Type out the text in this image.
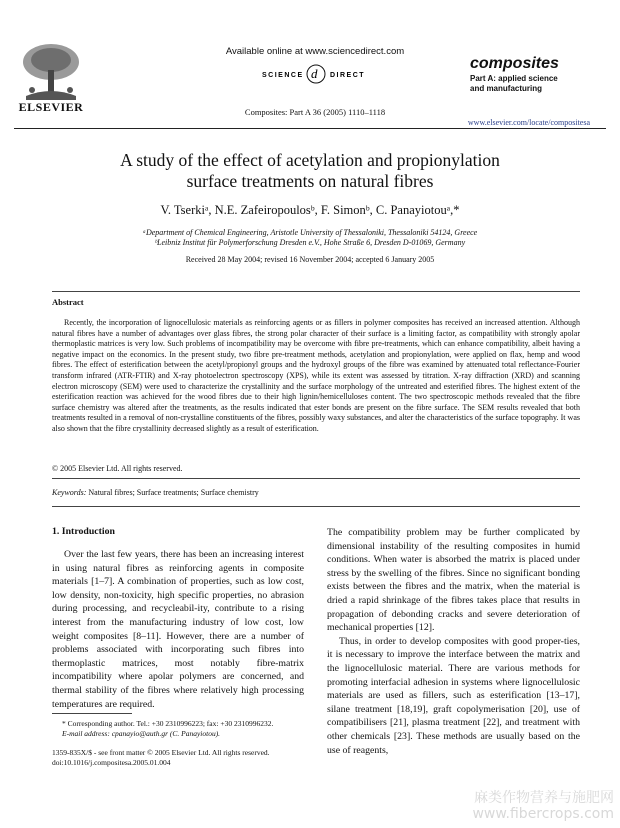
ELSEVIER
Available online at www.sciencedirect.com
SCIENCE d DIRECT
Composites: Part A 36 (2005) 1110–1118
composites
Part A: applied science
and manufacturing
www.elsevier.com/locate/compositesa
A study of the effect of acetylation and propionylation
surface treatments on natural fibres
V. Tserkiᵃ, N.E. Zafeiropoulosᵇ, F. Simonᵇ, C. Panayiotouᵃ,*
ᵃDepartment of Chemical Engineering, Aristotle University of Thessaloniki, Thessaloniki 54124, Greece
ᵇLeibniz Institut für Polymerforschung Dresden e.V., Hohe Straße 6, Dresden D-01069, Germany
Received 28 May 2004; revised 16 November 2004; accepted 6 January 2005
Abstract

Recently, the incorporation of lignocellulosic materials as reinforcing agents or as fillers in polymer composites has received an increased attention. Although natural fibres have a number of advantages over glass fibres, the strong polar character of their surface is a limiting factor, as compatibility with strongly apolar thermoplastic matrices is very low. Such problems of incompatibility may be overcome with fibre pre-treatments, which can enhance compatibility, albeit having a negative impact on the economics. In the present study, two fibre pre-treatment methods, acetylation and propionylation, were applied on flax, hemp and wood fibres. The effect of esterification between the acetyl/propionyl groups and the hydroxyl groups of the fibre was examined by attenuated total reflectance-Fourier transform infrared (ATR-FTIR) and X-ray photoelectron spectroscopy (XPS), while its extent was assessed by titration. X-ray diffraction (XRD) and scanning electron microscopy (SEM) were used to characterize the crystallinity and the surface morphology of the untreated and esterified fibres. The highest extent of the esterification reaction was achieved for the wood fibres due to their high lignin/hemicelluloses content. The two spectroscopic methods revealed that the fibre surface chemistry was altered after the treatments, as the results indicated that ester bonds are present on the fibre surface. The SEM results revealed that both treatments resulted in a removal of non-crystalline constituents of the fibres, possibly waxy substances, and alter the characteristics of the surface topography. It was also shown that the fibre crystallinity decreased slightly as a result of esterification.

© 2005 Elsevier Ltd. All rights reserved.
Keywords: Natural fibres; Surface treatments; Surface chemistry
1. Introduction

Over the last few years, there has been an increasing interest in using natural fibres as reinforcing agents in composite materials [1–7]. A combination of properties, such as low cost, low density, non-toxicity, high specific properties, no abrasion during processing, and recycleabil-ity, contribute to a rising interest from the manufacturing industry of low cost, low weight composites [8–11]. However, there are a number of problems associated with incorporating such fibres into thermoplastic matrices, most notably fibre-matrix incompatibility where apolar polymers are concerned, and thermal stability of the fibres where relatively high processing temperatures are required.

The compatibility problem may be further complicated by dimensional instability of the resulting composites in humid conditions. When water is absorbed the matrix is placed under stress by the swelling of the fibres. Since no significant bonding exists between the fibres and the matrix, when the material is dried a rapid shrinkage of the fibres takes place that results in propagation of debonding cracks and severe deterioration of mechanical properties [12].

Thus, in order to develop composites with good proper-ties, it is necessary to improve the interface between the matrix and the lignocellulosic material. There are various methods for promoting interfacial adhesion in systems where lignocellulosic materials are used as fillers, such as esterification [13–17], silane treatment [18,19], graft copolymerisation [20], use of compatibilisers [21], plasma treatment [22], and treatment with other chemicals [23]. These methods are usually based on the use of reagents,

* Corresponding author. Tel.: +30 2310996223; fax: +30 2310996232.
E-mail address: cpanayio@auth.gr (C. Panayiotou).
1359-835X/$ - see front matter © 2005 Elsevier Ltd. All rights reserved.
doi:10.1016/j.compositesa.2005.01.004
麻类作物营养与施肥网
www.fibercrops.com
